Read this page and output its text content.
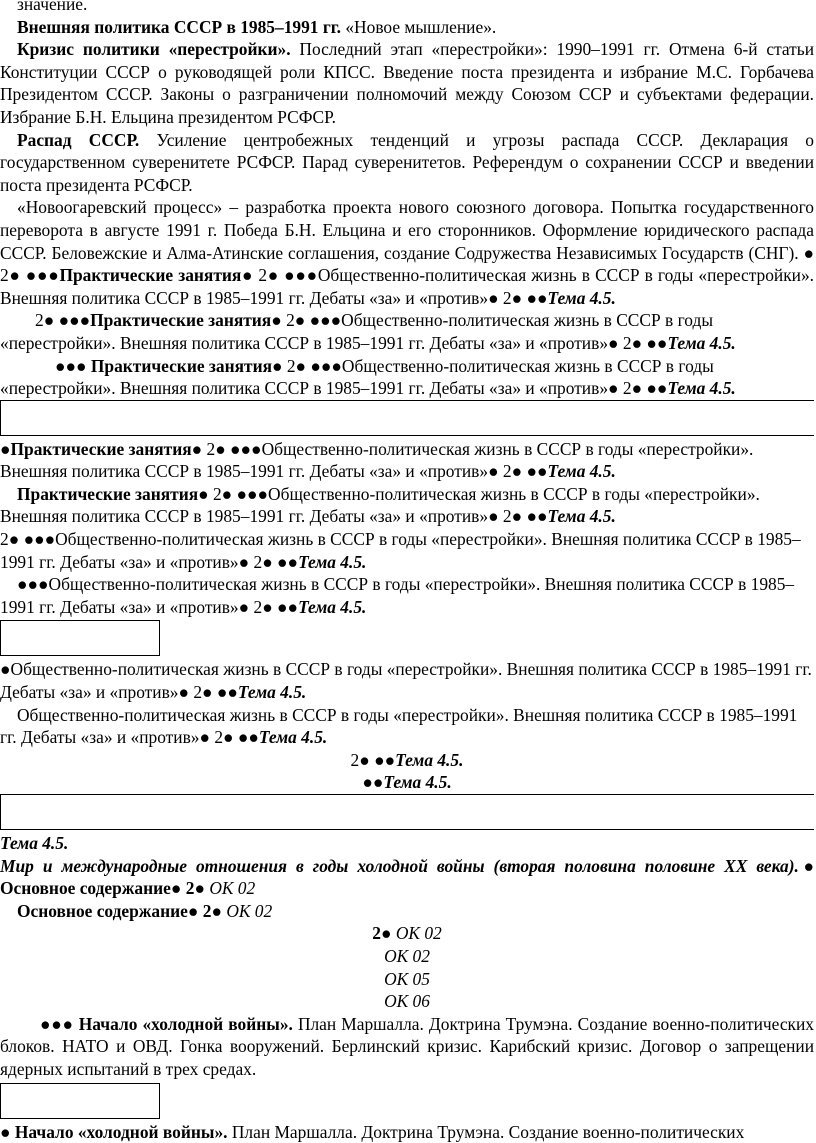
значение.

Внешняя политика СССР в 1985–1991 гг. «Новое мышление».

Кризис политики «перестройки». Последний этап «перестройки»: 1990–1991 гг. Отмена 6-й статьи Конституции СССР о руководящей роли КПСС. Введение поста президента и избрание М.С. Горбачева Президентом СССР. Законы о разграничении полномочий между Союзом ССР и субъектами федерации. Избрание Б.Н. Ельцина президентом РСФСР.

Распад СССР. Усиление центробежных тенденций и угрозы распада СССР. Декларация о государственном суверенитете РСФСР. Парад суверенитетов. Референдум о сохранении СССР и введении поста президента РСФСР.

«Новоогаревский процесс» – разработка проекта нового союзного договора. Попытка государственного переворота в августе 1991 г. Победа Б.Н. Ельцина и его сторонников. Оформление юридического распада СССР. Беловежские и Алма-Атинские соглашения, создание Содружества Независимых Государств (СНГ). ● 2● ●●●Практические занятия● 2● ●●●Общественно-политическая жизнь в СССР в годы «перестройки». Внешняя политика СССР в 1985–1991 гг. Дебаты «за» и «против»● 2● ●●Тема 4.5.

2● ●●●Практические занятия● 2● ●●●Общественно-политическая жизнь в СССР в годы «перестройки». Внешняя политика СССР в 1985–1991 гг. Дебаты «за» и «против»● 2● ●●Тема 4.5.

●●● Практические занятия● 2● ●●●Общественно-политическая жизнь в СССР в годы «перестройки». Внешняя политика СССР в 1985–1991 гг. Дебаты «за» и «против»● 2● ●●Тема 4.5.

●Практические занятия● 2● ●●●Общественно-политическая жизнь в СССР в годы «перестройки». Внешняя политика СССР в 1985–1991 гг. Дебаты «за» и «против»● 2● ●●Тема 4.5.

Практические занятия● 2● ●●●Общественно-политическая жизнь в СССР в годы «перестройки». Внешняя политика СССР в 1985–1991 гг. Дебаты «за» и «против»● 2● ●●Тема 4.5.

2● ●●●Общественно-политическая жизнь в СССР в годы «перестройки». Внешняя политика СССР в 1985–1991 гг. Дебаты «за» и «против»● 2● ●●Тема 4.5.

●●●Общественно-политическая жизнь в СССР в годы «перестройки». Внешняя политика СССР в 1985–1991 гг. Дебаты «за» и «против»● 2● ●●Тема 4.5.

●Общественно-политическая жизнь в СССР в годы «перестройки». Внешняя политика СССР в 1985–1991 гг. Дебаты «за» и «против»● 2● ●●Тема 4.5.

Общественно-политическая жизнь в СССР в годы «перестройки». Внешняя политика СССР в 1985–1991 гг. Дебаты «за» и «против»● 2● ●●Тема 4.5.

2● ●●Тема 4.5.

●●Тема 4.5.

Тема 4.5.

Мир и международные отношения в годы холодной войны (вторая половина половине XX века).● Основное содержание● 2● ОК 02

Основное содержание● 2● ОК 02

2● ОК 02

ОК 02

ОК 05

ОК 06

●●● Начало «холодной войны». План Маршалла. Доктрина Трумэна. Создание военно-политических блоков. НАТО и ОВД. Гонка вооружений. Берлинский кризис. Карибский кризис. Договор о запрещении ядерных испытаний в трех средах.

● Начало «холодной войны». План Маршалла. Доктрина Трумэна. Создание военно-политических
